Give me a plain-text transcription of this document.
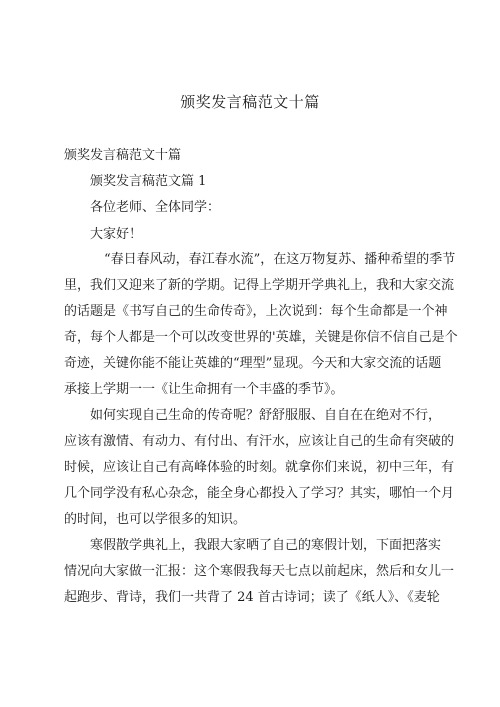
颁奖发言稿范文十篇
颁奖发言稿范文十篇
颁奖发言稿范文篇 1
各位老师、全体同学：
大家好！
“春日春风动，春江春水流”，在这万物复苏、播种希望的季节
里，我们又迎来了新的学期。记得上学期开学典礼上，我和大家交流
的话题是《书写自己的生命传奇》，上次说到：每个生命都是一个神
奇，每个人都是一个可以改变世界的'英雄，关键是你信不信自己是个
奇迹，关键你能不能让英雄的“理型”显现。今天和大家交流的话题
承接上学期一一《让生命拥有一个丰盛的季节》。
如何实现自己生命的传奇呢？舒舒服服、自自在在绝对不行，
应该有激情、有动力、有付出、有汗水，应该让自己的生命有突破的
时候，应该让自己有高峰体验的时刻。就拿你们来说，初中三年，有
几个同学没有私心杂念，能全身心都投入了学习？其实，哪怕一个月
的时间，也可以学很多的知识。
寒假散学典礼上，我跟大家晒了自己的寒假计划，下面把落实
情况向大家做一汇报：这个寒假我每天七点以前起床，然后和女儿一
起跑步、背诗，我们一共背了 24 首古诗词；读了《纸人》、《麦轮
